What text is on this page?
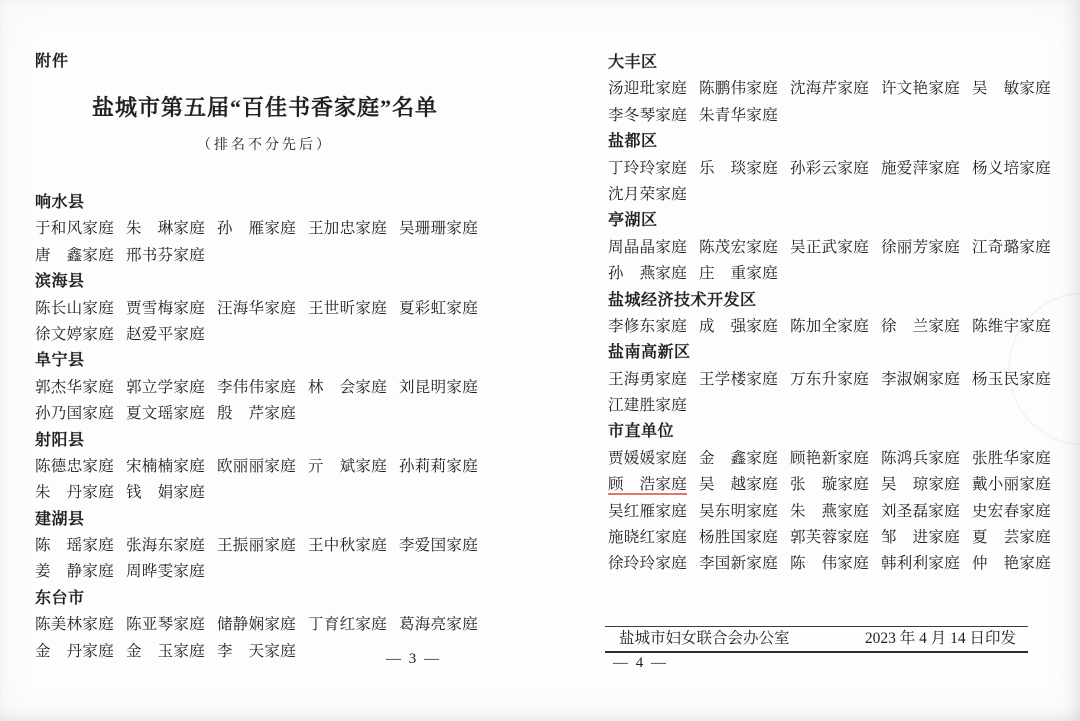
附件
盐城市第五届“百佳书香家庭”名单
（排名不分先后）
响水县
于和风家庭 朱　琳家庭 孙　雁家庭 王加忠家庭 吴珊珊家庭
唐　鑫家庭 邢书芬家庭
滨海县
陈长山家庭 贾雪梅家庭 汪海华家庭 王世昕家庭 夏彩虹家庭
徐文婷家庭 赵爱平家庭
阜宁县
郭杰华家庭 郭立学家庭 李伟伟家庭 林　会家庭 刘昆明家庭
孙乃国家庭 夏文瑶家庭 殷　芹家庭
射阳县
陈德忠家庭 宋楠楠家庭 欧丽丽家庭 亓　斌家庭 孙莉莉家庭
朱　丹家庭 钱　娟家庭
建湖县
陈　瑶家庭 张海东家庭 王振丽家庭 王中秋家庭 李爱国家庭
姜　静家庭 周晔雯家庭
东台市
陈美林家庭 陈亚琴家庭 储静娴家庭 丁育红家庭 葛海亮家庭
金　丹家庭 金　玉家庭 李　天家庭
大丰区
汤迎玭家庭 陈鹏伟家庭 沈海芹家庭 许文艳家庭 吴　敏家庭
李冬琴家庭 朱青华家庭
盐都区
丁玲玲家庭 乐　琰家庭 孙彩云家庭 施爱萍家庭 杨义培家庭
沈月荣家庭
亭湖区
周晶晶家庭 陈茂宏家庭 吴正武家庭 徐丽芳家庭 江奇璐家庭
孙　燕家庭 庄　重家庭
盐城经济技术开发区
李修东家庭 成　强家庭 陈加全家庭 徐　兰家庭 陈维宇家庭
盐南高新区
王海勇家庭 王学楼家庭 万东升家庭 李淑娴家庭 杨玉民家庭
江建胜家庭
市直单位
贾媛媛家庭 金　鑫家庭 顾艳新家庭 陈鸿兵家庭 张胜华家庭
顾　浩家庭 吴　越家庭 张　璇家庭 吴　琼家庭 戴小丽家庭
吴红雁家庭 吴东明家庭 朱　燕家庭 刘圣磊家庭 史宏春家庭
施晓红家庭 杨胜国家庭 郭芙蓉家庭 邹　进家庭 夏　芸家庭
徐玲玲家庭 李国新家庭 陈　伟家庭 韩利利家庭 仲　艳家庭
盐城市妇女联合会办公室	2023 年 4 月 14 日印发
— 3 —	— 4 —
